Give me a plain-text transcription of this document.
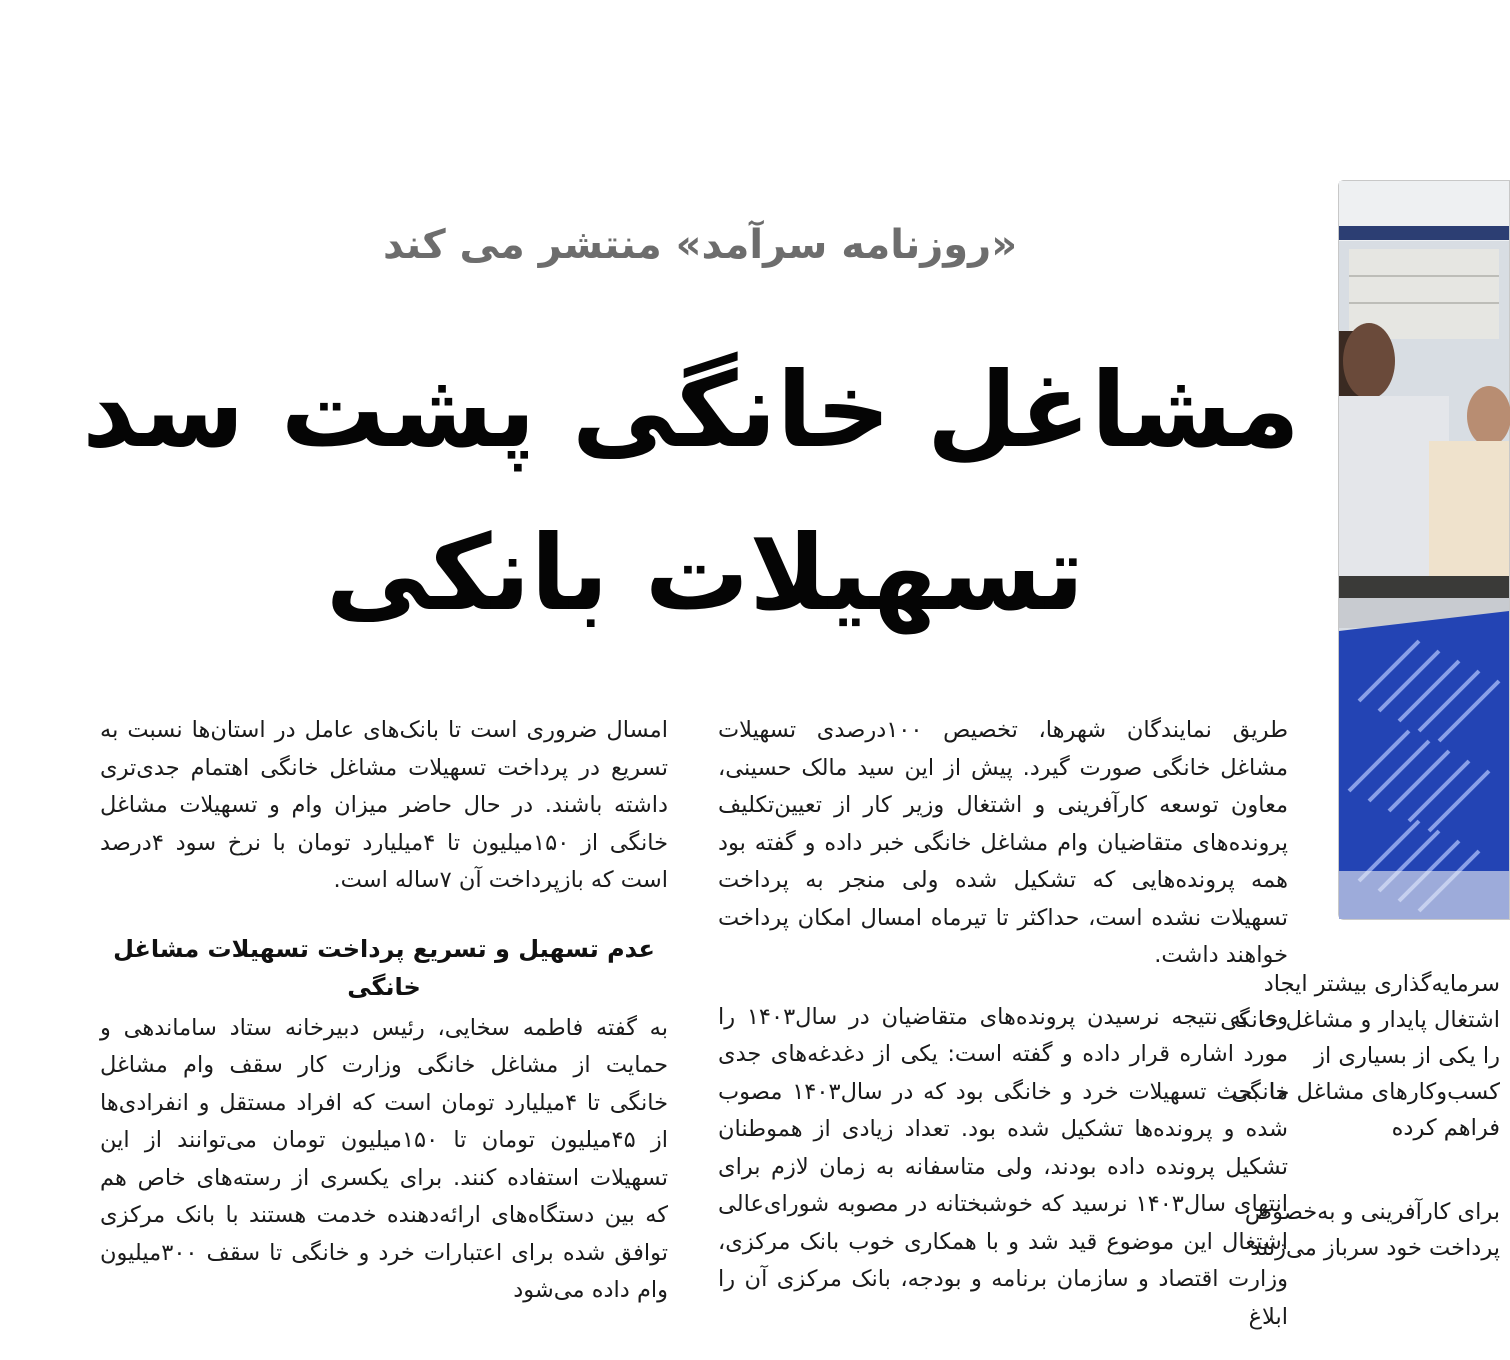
«روزنامه سرآمد» منتشر می کند
مشاغل خانگی پشت سد
تسهیلات بانکی

طریق نمایندگان شهرها، تخصیص ۱۰۰درصدی تسهیلات مشاغل خانگی صورت گیرد. پیش از این سید مالک حسینی، معاون توسعه کارآفرینی و اشتغال وزیر کار از تعیین‌تکلیف پرونده‌های متقاضیان وام مشاغل خانگی خبر داده و گفته بود همه پرونده‌هایی که تشکیل شده ولی منجر به پرداخت تسهیلات نشده است، حداکثر تا تیرماه امسال امکان پرداخت خواهند داشت.

وی به نتیجه نرسیدن پرونده‌های متقاضیان در سال۱۴۰۳ را مورد اشاره قرار داده و گفته است: یکی از دغدغه‌های جدی ما بحث تسهیلات خرد و خانگی بود که در سال۱۴۰۳ مصوب شده و پرونده‌ها تشکیل شده بود. تعداد زیادی از هموطنان تشکیل پرونده داده بودند، ولی متاسفانه به زمان لازم برای انتهای سال۱۴۰۳ نرسید که خوشبختانه در مصوبه شورای‌عالی اشتغال این موضوع قید شد و با همکاری خوب بانک مرکزی، وزارت اقتصاد و سازمان برنامه و بودجه، بانک مرکزی آن را ابلاغ

امسال ضروری است تا بانک‌های عامل در استان‌ها نسبت به تسریع در پرداخت تسهیلات مشاغل خانگی اهتمام جدی‌تری داشته باشند. در حال حاضر میزان وام و تسهیلات مشاغل خانگی از ۱۵۰میلیون تا ۴میلیارد تومان با نرخ سود ۴درصد است که بازپرداخت آن ۷ساله است.

عدم تسهیل و تسریع پرداخت تسهیلات مشاغل خانگی

به گفته فاطمه سخایی، رئیس دبیرخانه ستاد ساماندهی و حمایت از مشاغل خانگی وزارت کار سقف وام مشاغل خانگی تا ۴میلیارد تومان است که افراد مستقل و انفرادی‌ها از ۴۵میلیون تومان تا ۱۵۰میلیون تومان می‌توانند از این تسهیلات استفاده کنند. برای یکسری از رسته‌های خاص هم که بین دستگاه‌های ارائه‌دهنده خدمت هستند با بانک مرکزی توافق شده برای اعتبارات خرد و خانگی تا سقف ۳۰۰میلیون وام داده می‌شود

سرمایه‌گذاری بیشتر ایجاد اشتغال پایدار و مشاغل خانگی را یکی از بسیاری از کسب‌وکارهای مشاغل خانگی فراهم کرده

برای کارآفرینی و به‌خصوص پرداخت خود سرباز می‌زنند
